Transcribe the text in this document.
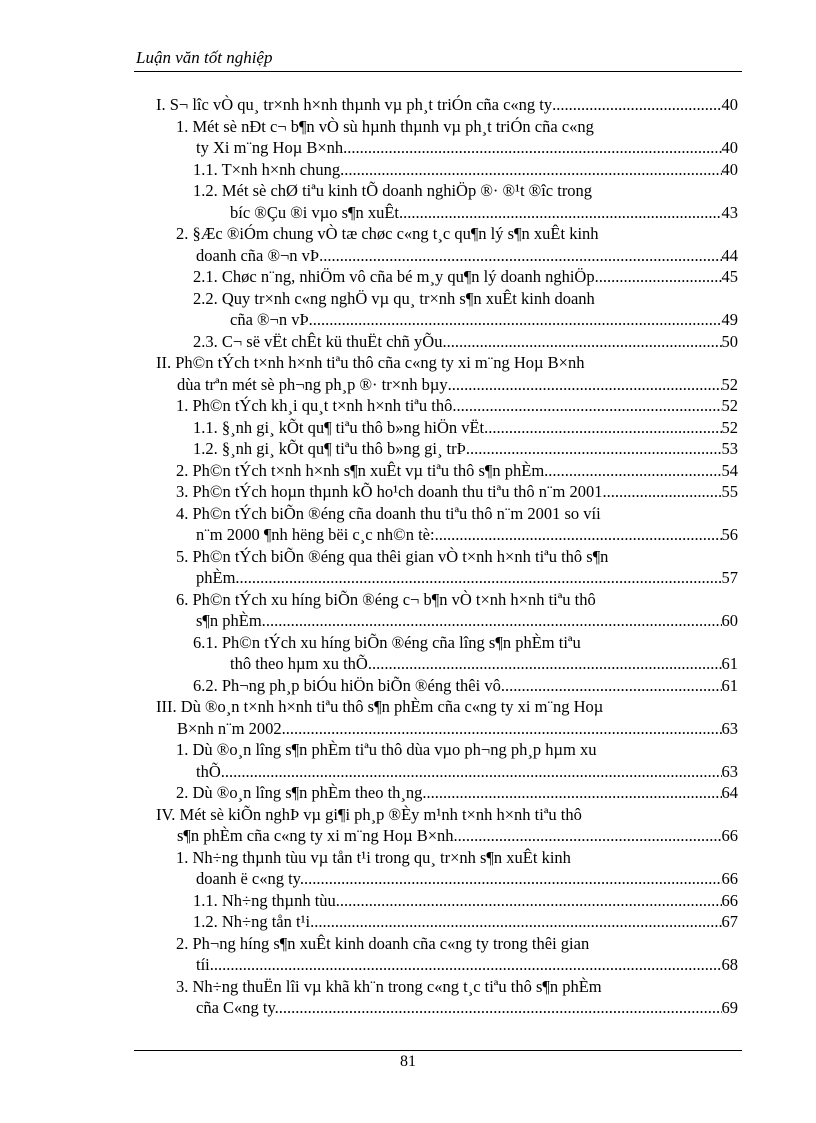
Luận văn tốt nghiệp
I. S¬ lîc vÒ qu¸ tr×nh h×nh thµnh vµ ph¸t triÓn cña c«ng ty .....	40
1. Mét sè nÐt c¬ b¶n vÒ sù hµnh thµnh vµ ph¸t triÓn cña c«ng
ty Xi m¨ng Hoµ B×nh. .....	40
1.1. T×nh h×nh chung .....	40
1.2. Mét sè chØ tiªu kinh tÕ doanh nghiÖp ®· ®¹t ®îc trong
bíc ®Çu ®i vµo s¶n xuÊt. .....	43
2. §Æc ®iÓm chung vÒ tæ chøc c«ng t¸c qu¶n lý s¶n xuÊt kinh
doanh cña ®¬n vÞ .....	44
2.1. Chøc n¨ng, nhiÖm vô cña bé m¸y qu¶n lý doanh nghiÖp. .....	45
2.2. Quy tr×nh c«ng nghÖ vµ qu¸ tr×nh s¶n xuÊt kinh doanh
cña ®¬n vÞ .....	49
2.3. C¬ së vËt chÊt kü thuËt chñ yÕu. .....	50
II. Ph©n tÝch t×nh h×nh tiªu thô cña c«ng ty xi m¨ng Hoµ B×nh
dùa trªn mét sè ph¬ng ph¸p ®· tr×nh bµy .....	52
1. Ph©n tÝch kh¸i qu¸t t×nh h×nh tiªu thô. .....	52
1.1. §¸nh gi¸ kÕt qu¶ tiªu thô b»ng hiÖn vËt. .....	52
1.2. §¸nh gi¸ kÕt qu¶ tiªu thô b»ng gi¸ trÞ .....	53
2. Ph©n tÝch t×nh h×nh s¶n xuÊt vµ tiªu thô s¶n phÈm. .....	54
3. Ph©n tÝch hoµn thµnh kÕ ho¹ch doanh thu tiªu thô n¨m 2001 .....	55
4. Ph©n tÝch biÕn ®éng cña doanh thu tiªu thô n¨m 2001 so víi
n¨m 2000 ¶nh hëng bëi c¸c nh©n tè: .....	56
5. Ph©n tÝch biÕn ®éng qua thêi gian vÒ t×nh h×nh tiªu thô s¶n
phÈm. .....	57
6. Ph©n tÝch xu híng biÕn ®éng c¬ b¶n vÒ t×nh h×nh tiªu thô
s¶n phÈm. .....	60
6.1. Ph©n tÝch xu híng biÕn ®éng cña lîng s¶n phÈm tiªu
thô theo hµm xu thÕ .....	61
6.2. Ph¬ng ph¸p biÓu hiÖn biÕn ®éng thêi vô. .....	61
III. Dù ®o¸n t×nh h×nh tiªu thô s¶n phÈm cña c«ng ty xi m¨ng Hoµ
B×nh n¨m 2002. .....	63
1. Dù ®o¸n lîng s¶n phÈm tiªu thô dùa vµo ph¬ng ph¸p hµm xu
thÕ. .....	63
2. Dù ®o¸n lîng s¶n phÈm theo th¸ng. .....	64
IV. Mét sè kiÕn nghÞ vµ gi¶i ph¸p ®Èy m¹nh t×nh h×nh tiªu thô
s¶n phÈm cña c«ng ty xi m¨ng Hoµ B×nh. .....	66
1. Nh÷ng thµnh tùu vµ tån t¹i trong qu¸ tr×nh s¶n xuÊt kinh
doanh ë c«ng ty. .....	66
1.1. Nh÷ng thµnh tùu. .....	66
1.2. Nh÷ng tån t¹i .....	67
2. Ph¬ng híng s¶n xuÊt kinh doanh cña c«ng ty trong thêi gian
tíi. .....	68
3. Nh÷ng thuËn lîi vµ khã kh¨n trong c«ng t¸c tiªu thô s¶n phÈm
cña C«ng ty. .....	69
81
